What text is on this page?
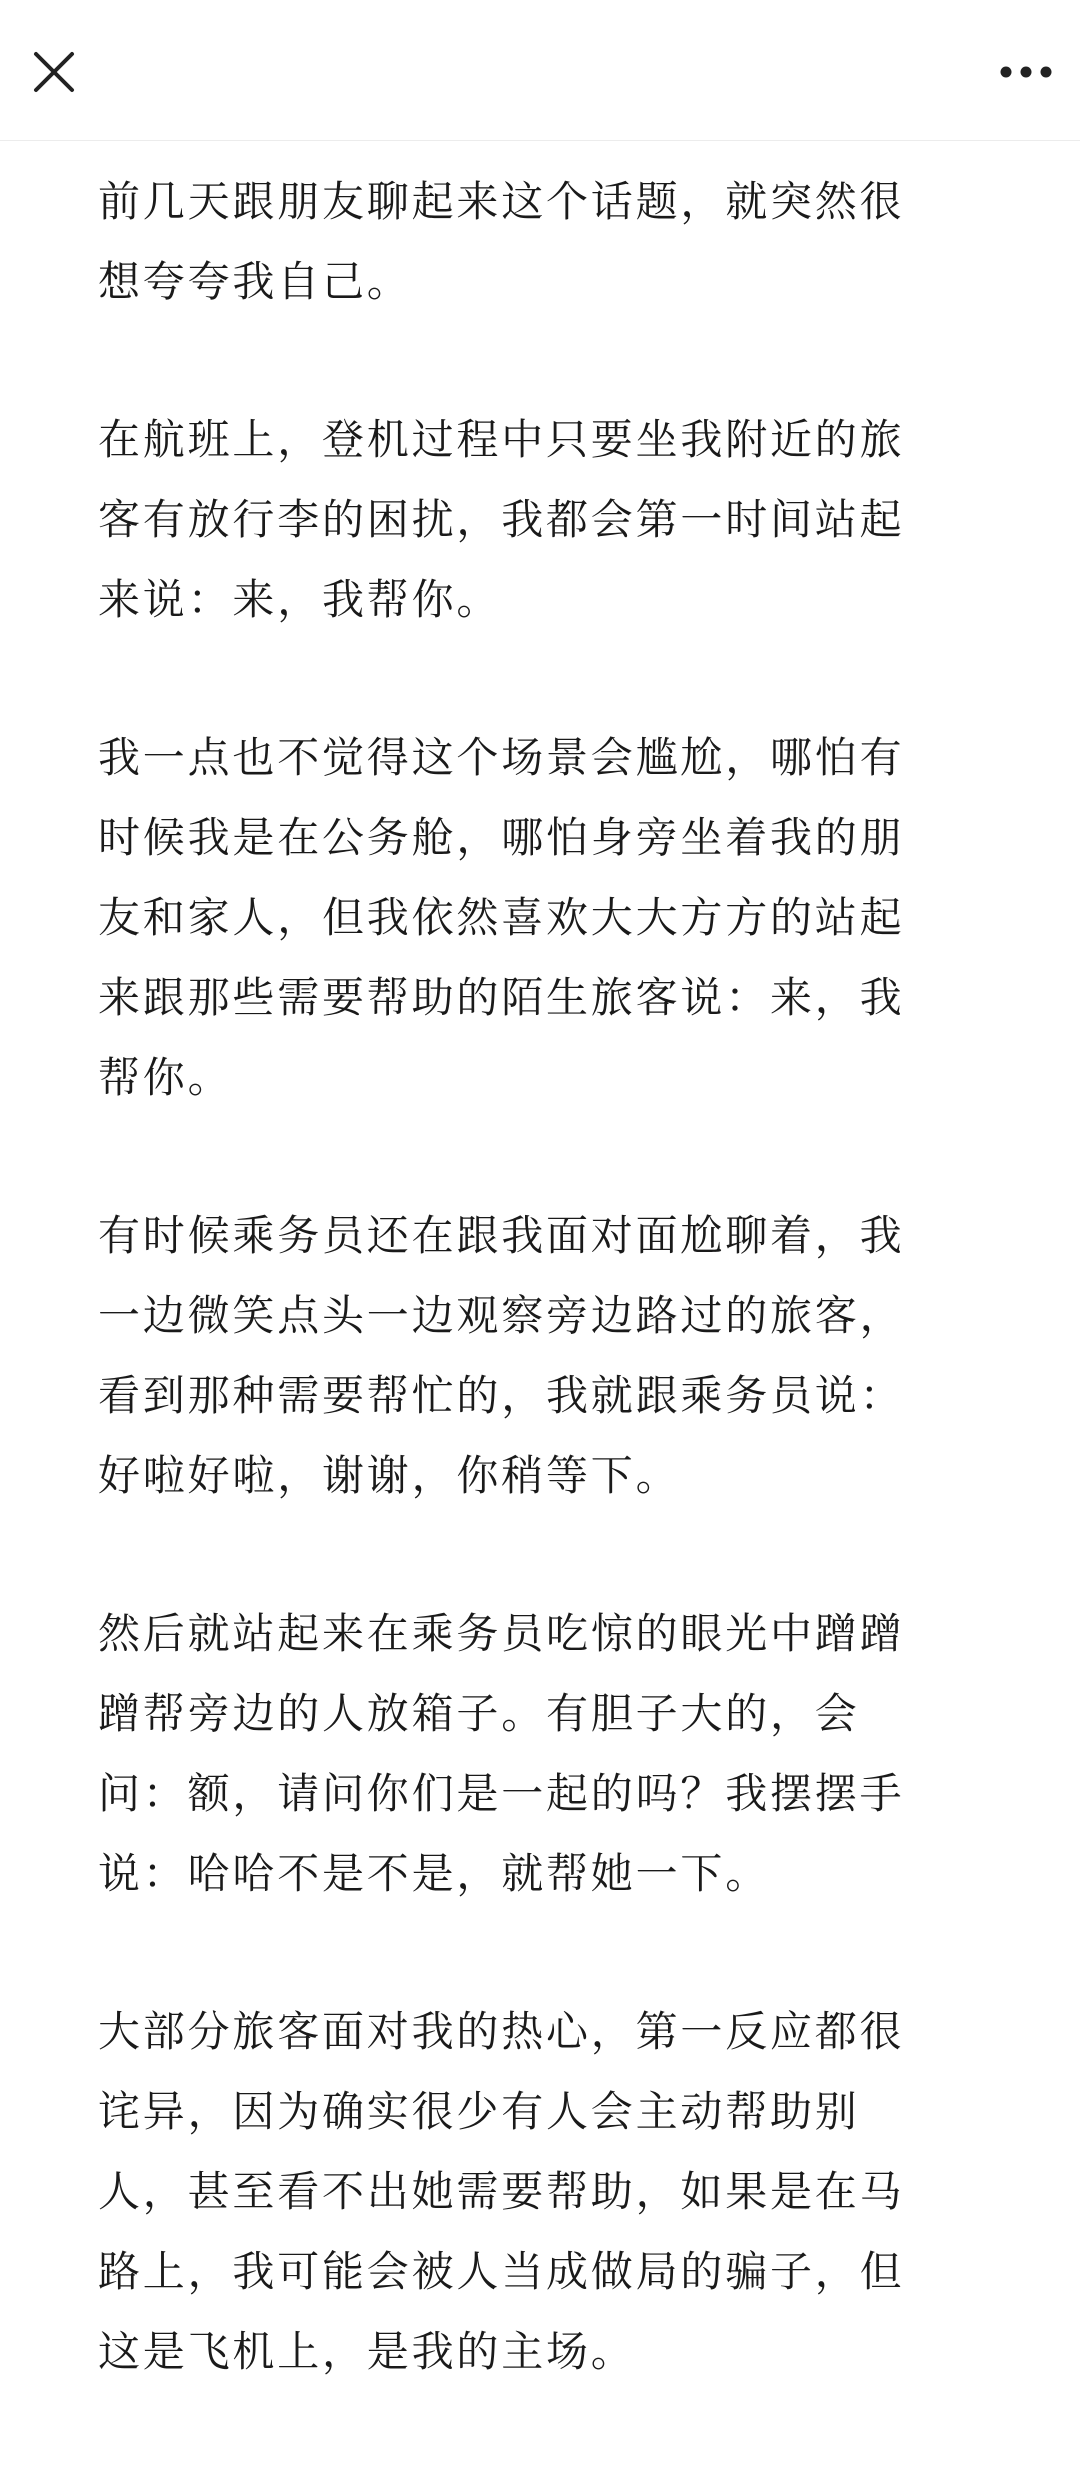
前几天跟朋友聊起来这个话题，就突然很
想夸夸我自己。

在航班上，登机过程中只要坐我附近的旅
客有放行李的困扰，我都会第一时间站起
来说：来，我帮你。

我一点也不觉得这个场景会尴尬，哪怕有
时候我是在公务舱，哪怕身旁坐着我的朋
友和家人，但我依然喜欢大大方方的站起
来跟那些需要帮助的陌生旅客说：来，我
帮你。

有时候乘务员还在跟我面对面尬聊着，我
一边微笑点头一边观察旁边路过的旅客，
看到那种需要帮忙的，我就跟乘务员说：
好啦好啦，谢谢，你稍等下。

然后就站起来在乘务员吃惊的眼光中蹭蹭
蹭帮旁边的人放箱子。有胆子大的，会
问：额，请问你们是一起的吗？我摆摆手
说：哈哈不是不是，就帮她一下。

大部分旅客面对我的热心，第一反应都很
诧异，因为确实很少有人会主动帮助别
人，甚至看不出她需要帮助，如果是在马
路上，我可能会被人当成做局的骗子，但
这是飞机上，是我的主场。
